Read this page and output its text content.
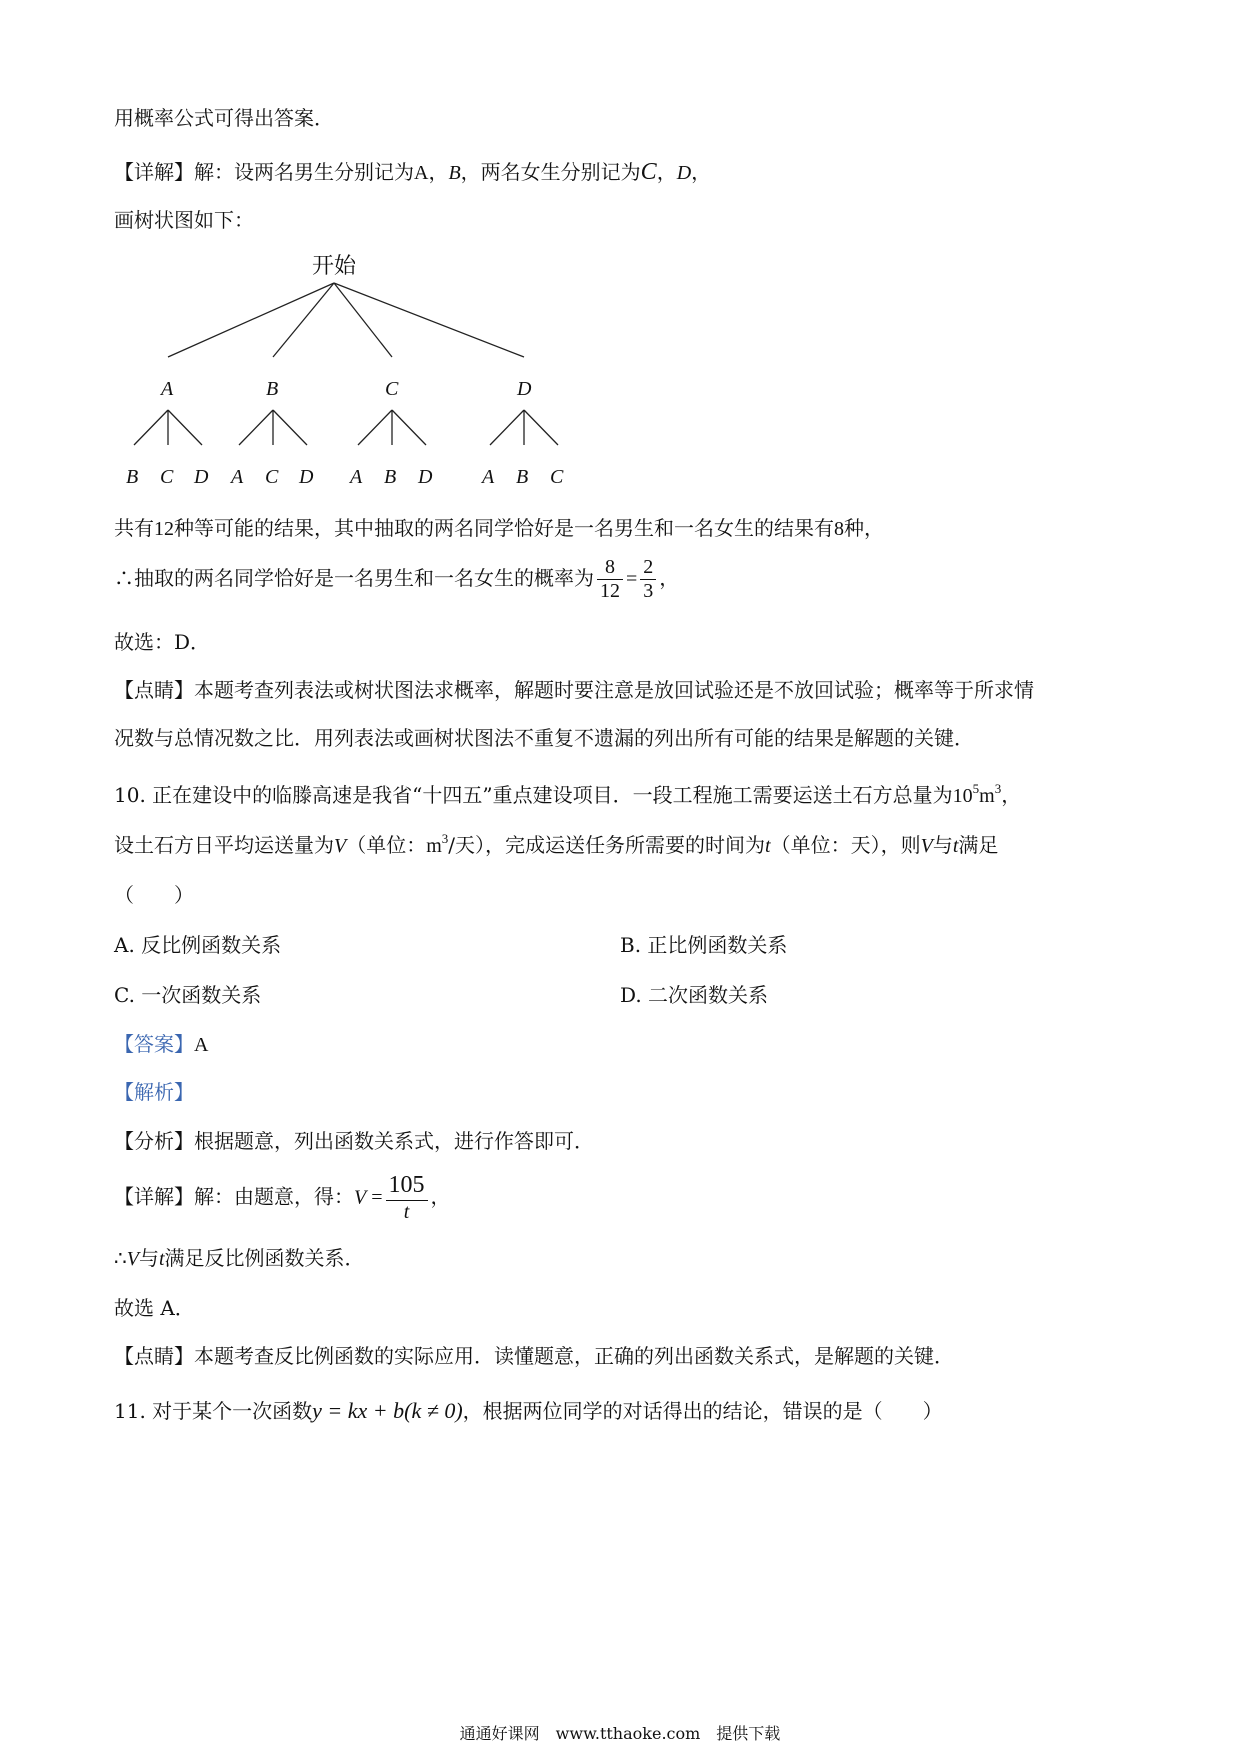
用概率公式可得出答案．
【详解】解：设两名男生分别记为A，B，两名女生分别记为C，D，
画树状图如下：
开始
A
B C D
B
A C D
C
A B D
D
A B C
共有12种等可能的结果，其中抽取的两名同学恰好是一名男生和一名女生的结果有8种，
∴抽取的两名同学恰好是一名男生和一名女生的概率为 $\frac{8}{12} = \frac{2}{3}$ ，
故选：D．
【点睛】本题考查列表法或树状图法求概率，解题时要注意是放回试验还是不放回试验；概率等于所求情
况数与总情况数之比．用列表法或画树状图法不重复不遗漏的列出所有可能的结果是解题的关键．
10. 正在建设中的临滕高速是我省“十四五”重点建设项目．一段工程施工需要运送土石方总量为$10^5m^3$，
设土石方日平均运送量为V（单位：$m^3/$天），完成运送任务所需要的时间为t（单位：天），则V与t满足
（　　）
A. 反比例函数关系	B. 正比例函数关系
C. 一次函数关系	D. 二次函数关系
【答案】A
【解析】
【分析】根据题意，列出函数关系式，进行作答即可．
【详解】解：由题意，得：$V = \frac{105}{t}$ ，
∴V与t满足反比例函数关系．
故选 A．
【点睛】本题考查反比例函数的实际应用．读懂题意，正确的列出函数关系式，是解题的关键．
11. 对于某个一次函数y = kx + b(k ≠ 0)，根据两位同学的对话得出的结论，错误的是（　　）
通通好课网　www.tthaoke.com　提供下载
